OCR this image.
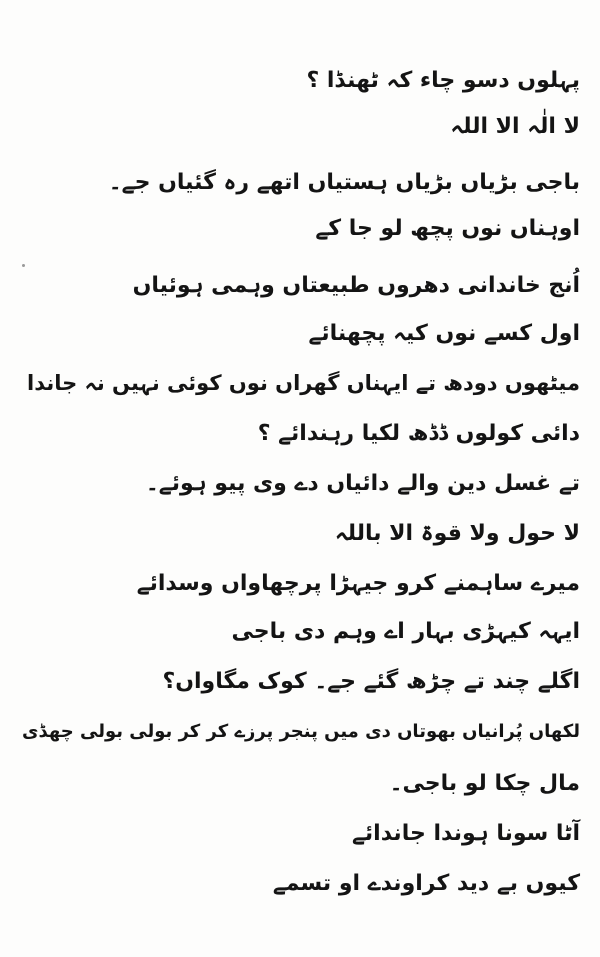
پہلوں دسو چاء کہ ٹھنڈا ؟
لا الٰہ الا اللہ
باجی بڑیاں بڑیاں ہستیاں اتھے رہ گئیاں جے۔
اوہناں نوں پچھ لو جا کے
اُنج خاندانی دھروں طبیعتاں وہمی ہوئیاں
اول کسے نوں کیہ پچھنائے
میٹھوں دودھ تے ایہناں گھراں نوں کوئی نہیں نہ جاندا
دائی کولوں ڈڈھ لکیا رہندائے ؟
تے غسل دین والے دائیاں دے وی پیو ہوئے۔
لا حول ولا قوۃ الا باللہ
میرے ساہمنے کرو جیہڑا پرچھاواں وسدائے
ایہہ کیہڑی بہار اے وہم دی باجی
اگلے چند تے چڑھ گئے جے۔ کوک مگاواں؟
لکھاں پُرانیاں بھوتاں دی میں پنجر پرزے کر کر بولی بولی چھڈی
مال چکا لو باجی۔
آٹا سونا ہوندا جاندائے
کیوں بے دید کراوندے او تسمے
